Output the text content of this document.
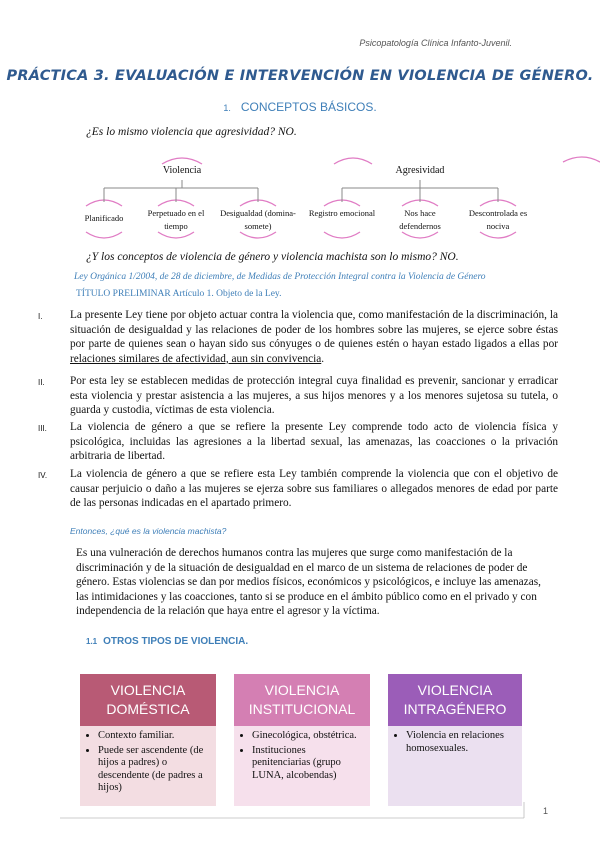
Psicopatología Clínica Infanto-Juvenil.
PRÁCTICA 3. EVALUACIÓN E INTERVENCIÓN EN VIOLENCIA DE GÉNERO.
1. CONCEPTOS BÁSICOS.
¿Es lo mismo violencia que agresividad? NO.
Violencia	Agresividad
Planificado	Perpetuado en el tiempo
Desigualdad (domina-somete)
Registro emocional	Nos hace defendernos
Descontrolada es nociva
¿Y los conceptos de violencia de género y violencia machista son lo mismo? NO.
Ley Orgánica 1/2004, de 28 de diciembre, de Medidas de Protección Integral contra la Violencia de Género
TÍTULO PRELIMINAR Artículo 1. Objeto de la Ley.
I. La presente Ley tiene por objeto actuar contra la violencia que, como manifestación de la discriminación, la situación de desigualdad y las relaciones de poder de los hombres sobre las mujeres, se ejerce sobre éstas por parte de quienes sean o hayan sido sus cónyuges o de quienes estén o hayan estado ligados a ellas por relaciones similares de afectividad, aun sin convivencia.
II. Por esta ley se establecen medidas de protección integral cuya finalidad es prevenir, sancionar y erradicar esta violencia y prestar asistencia a las mujeres, a sus hijos menores y a los menores sujetosa su tutela, o guarda y custodia, víctimas de esta violencia.
III. La violencia de género a que se refiere la presente Ley comprende todo acto de violencia física y psicológica, incluidas las agresiones a la libertad sexual, las amenazas, las coacciones o la privación arbitraria de libertad.
IV. La violencia de género a que se refiere esta Ley también comprende la violencia que con el objetivo de causar perjuicio o daño a las mujeres se ejerza sobre sus familiares o allegados menores de edad por parte de las personas indicadas en el apartado primero.
Entonces, ¿qué es la violencia machista?
Es una vulneración de derechos humanos contra las mujeres que surge como manifestación de la discriminación y de la situación de desigualdad en el marco de un sistema de relaciones de poder de género. Estas violencias se dan por medios físicos, económicos y psicológicos, e incluye las amenazas, las intimidaciones y las coacciones, tanto si se produce en el ámbito público como en el privado y con independencia de la relación que haya entre el agresor y la víctima.
1.1 OTROS TIPOS DE VIOLENCIA.
VIOLENCIA
DOMÉSTICA
• Contexto familiar.
• Puede ser ascendente (de hijos a padres) o descendente (de padres a hijos)
VIOLENCIA
INSTITUCIONAL
• Ginecológica, obstétrica.
• Instituciones penitenciarias (grupo LUNA, alcobendas)
VIOLENCIA
INTRAGÉNERO
• Violencia en relaciones homosexuales.
1
